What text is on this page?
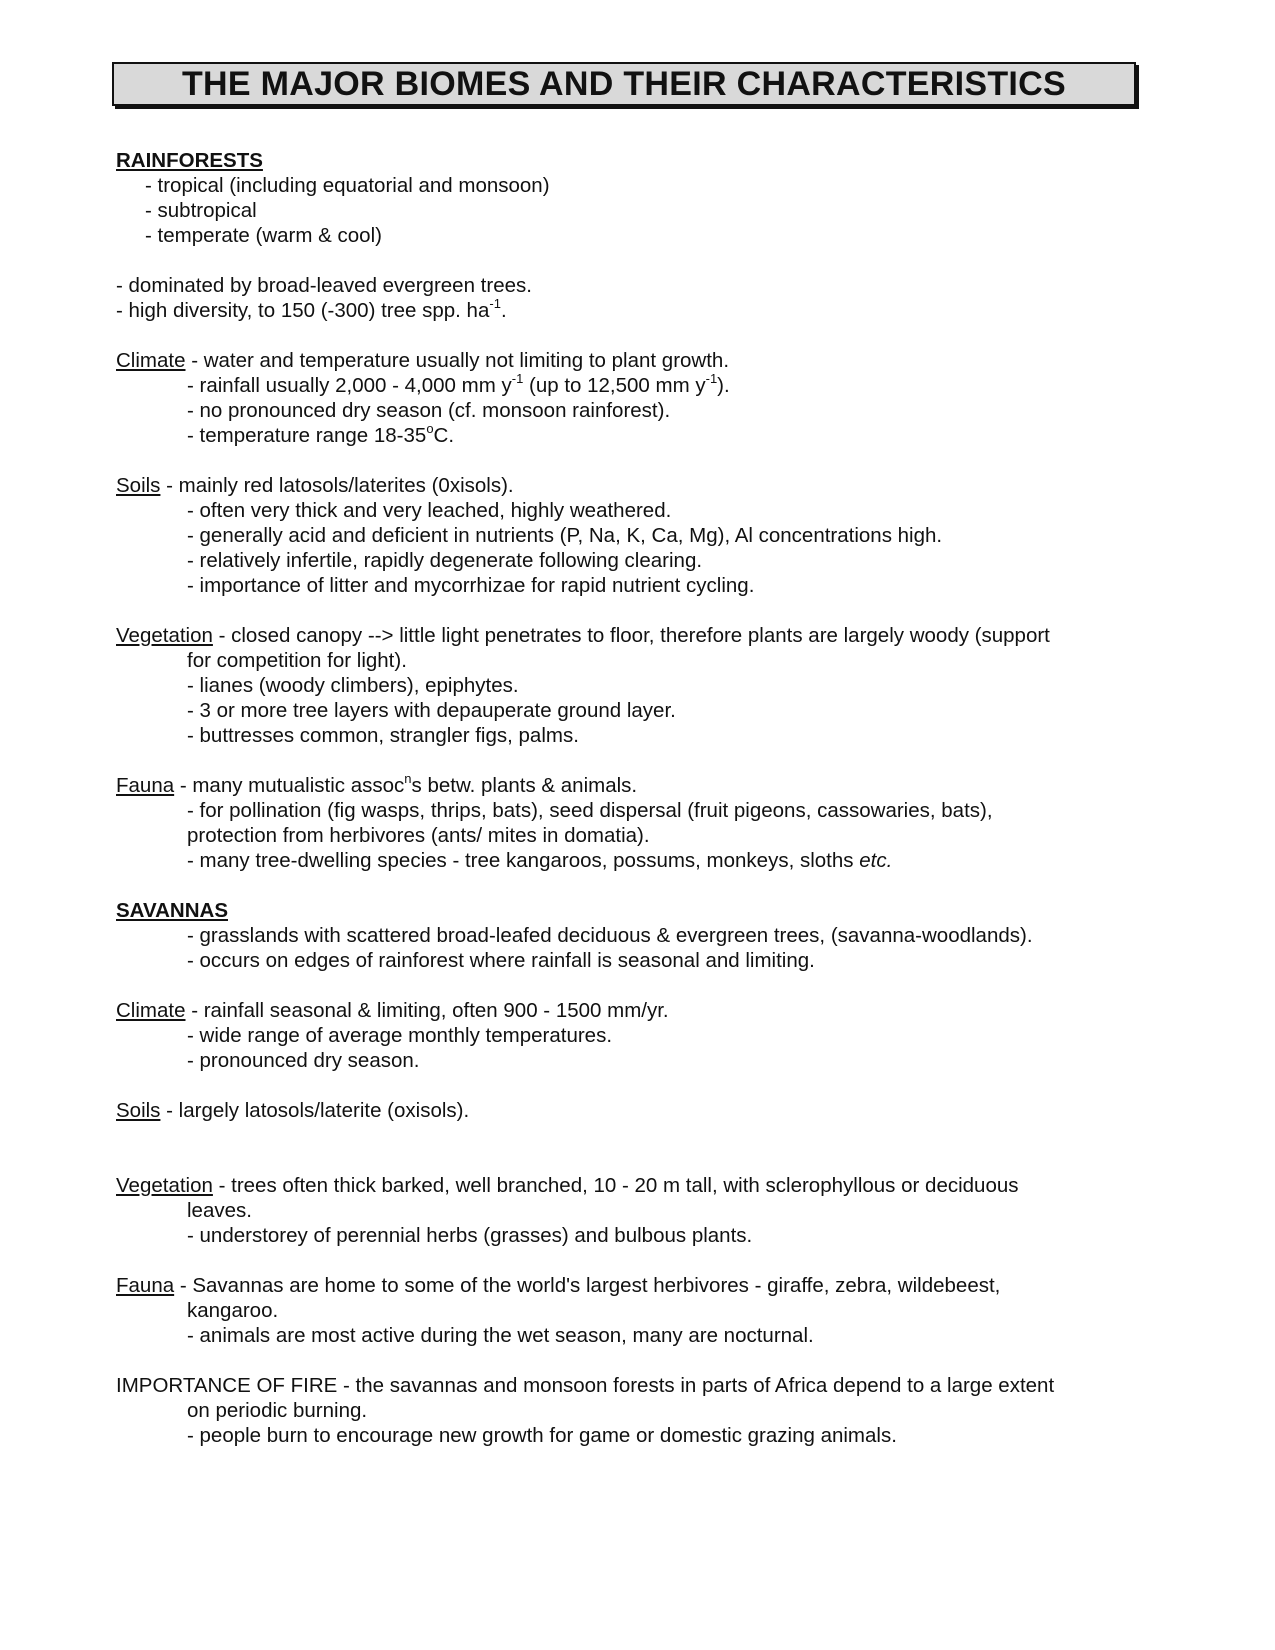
THE MAJOR BIOMES AND THEIR CHARACTERISTICS

RAINFORESTS

- tropical (including equatorial and monsoon)

- subtropical

- temperate (warm & cool)

- dominated by broad-leaved evergreen trees.

- high diversity, to 150 (-300) tree spp. $ha^{-1}$.

Climate - water and temperature usually not limiting to plant growth.

- rainfall usually 2,000 - 4,000 mm $y^{-1}$ (up to 12,500 mm $y^{-1}$).

- no pronounced dry season (cf. monsoon rainforest).

- temperature range 18-35$^o$C.

Soils - mainly red latosols/laterites (0xisols).

- often very thick and very leached, highly weathered.

- generally acid and deficient in nutrients (P, Na, K, Ca, Mg), Al concentrations high.

- relatively infertile, rapidly degenerate following clearing.

- importance of litter and mycorrhizae for rapid nutrient cycling.

Vegetation - closed canopy --> little light penetrates to floor, therefore plants are largely woody (support

for competition for light).

- lianes (woody climbers), epiphytes.

- 3 or more tree layers with depauperate ground layer.

- buttresses common, strangler figs, palms.

Fauna - many mutualistic assoc$^n$s betw. plants & animals.

- for pollination (fig wasps, thrips, bats), seed dispersal (fruit pigeons, cassowaries, bats),

protection from herbivores (ants/ mites in domatia).

- many tree-dwelling species - tree kangaroos, possums, monkeys, sloths etc.

SAVANNAS

- grasslands with scattered broad-leafed deciduous & evergreen trees, (savanna-woodlands).

- occurs on edges of rainforest where rainfall is seasonal and limiting.

Climate - rainfall seasonal & limiting, often 900 - 1500 mm/yr.

- wide range of average monthly temperatures.

- pronounced dry season.

Soils - largely latosols/laterite (oxisols).

Vegetation - trees often thick barked, well branched, 10 - 20 m tall, with sclerophyllous or deciduous

leaves.

- understorey of perennial herbs (grasses) and bulbous plants.

Fauna - Savannas are home to some of the world's largest herbivores - giraffe, zebra, wildebeest,

kangaroo.

- animals are most active during the wet season, many are nocturnal.

IMPORTANCE OF FIRE - the savannas and monsoon forests in parts of Africa depend to a large extent

on periodic burning.

- people burn to encourage new growth for game or domestic grazing animals.
